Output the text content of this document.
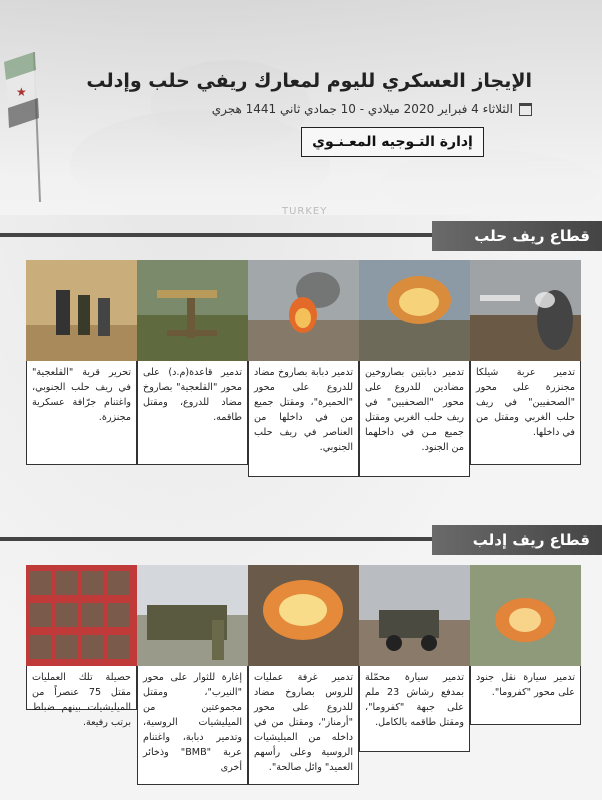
★
TURKEY
الإيجاز العسكري لليوم لمعارك ريفي حلب وإدلب
الثلاثاء 4 فبراير 2020 ميلادي - 10 جمادي ثاني 1441 هجري
إدارة التـوجيه المعـنـوي
قطاع ريف حلب
تدمير عربة شيلكا مجنزرة على محور "الصحفيين" في ريف حلب الغربي ومقتل من في داخلها.
تدمير دبابتين بصاروخين مضادين للدروع على محور "الصحفيين" في ريف حلب الغربي ومقتل جميع مـن في داخلهما من الجنود.
تدمير دبابة بصاروخ مضاد للدروع على محور "الحميرة"، ومقتل جميع من في داخلها من العناصر في ريف حلب الجنوبي.
تدمير قاعدة(م.د) على محور "القلعجية" بصاروخ مضاد للدروع، ومقتل طاقمه.
تحرير قرية "القلعجية" في ريف حلب الجنوبي، واغتنام جرّافة عسكرية مجنزرة.
قطاع ريف إدلب
تدمير سيارة نقل جنود على محور "كفروما".
تدمير سيارة محمّلة بمدفع رشاش 23 ملم على جبهة "كفروما"، ومقتل طاقمه بالكامل.
تدمير غرفة عمليات للروس بصاروخ مضاد للدروع على محور "أرمناز"، ومقتل من في داخله من الميليشيات الروسية وعلى رأسهم العميد" وائل صالحة".
إغارة للثوار على محور "النيرب"، ومقتل مجموعتين من الميليشيات الروسية، وتدمير دبابة، واغتنام عربة "BMB" وذخائر أخرى
حصيلة تلك العمليات مقتل 75 عنصراً من الميليشيات بينهم ضباط برتب رفيعة.
